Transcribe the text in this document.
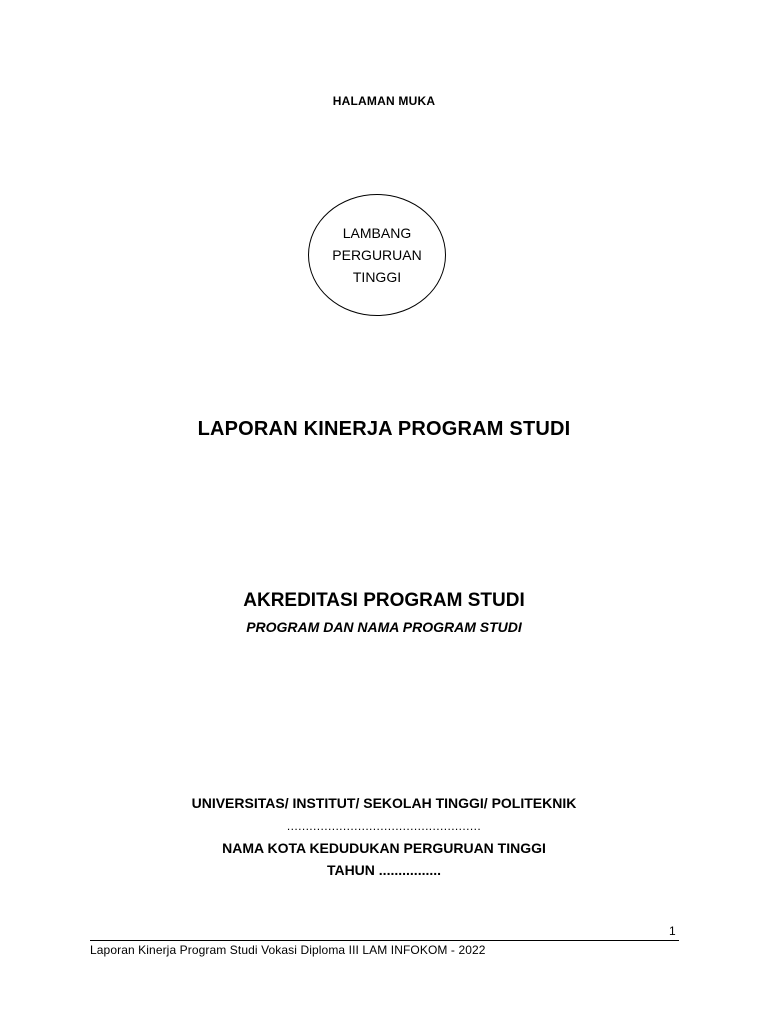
HALAMAN MUKA
LAMBANG
PERGURUAN
TINGGI
LAPORAN KINERJA PROGRAM STUDI
AKREDITASI PROGRAM STUDI
PROGRAM DAN NAMA PROGRAM STUDI
UNIVERSITAS/ INSTITUT/ SEKOLAH TINGGI/ POLITEKNIK
....................................................
NAMA KOTA KEDUDUKAN PERGURUAN TINGGI
TAHUN ................
1
Laporan Kinerja Program Studi Vokasi Diploma III LAM INFOKOM - 2022
